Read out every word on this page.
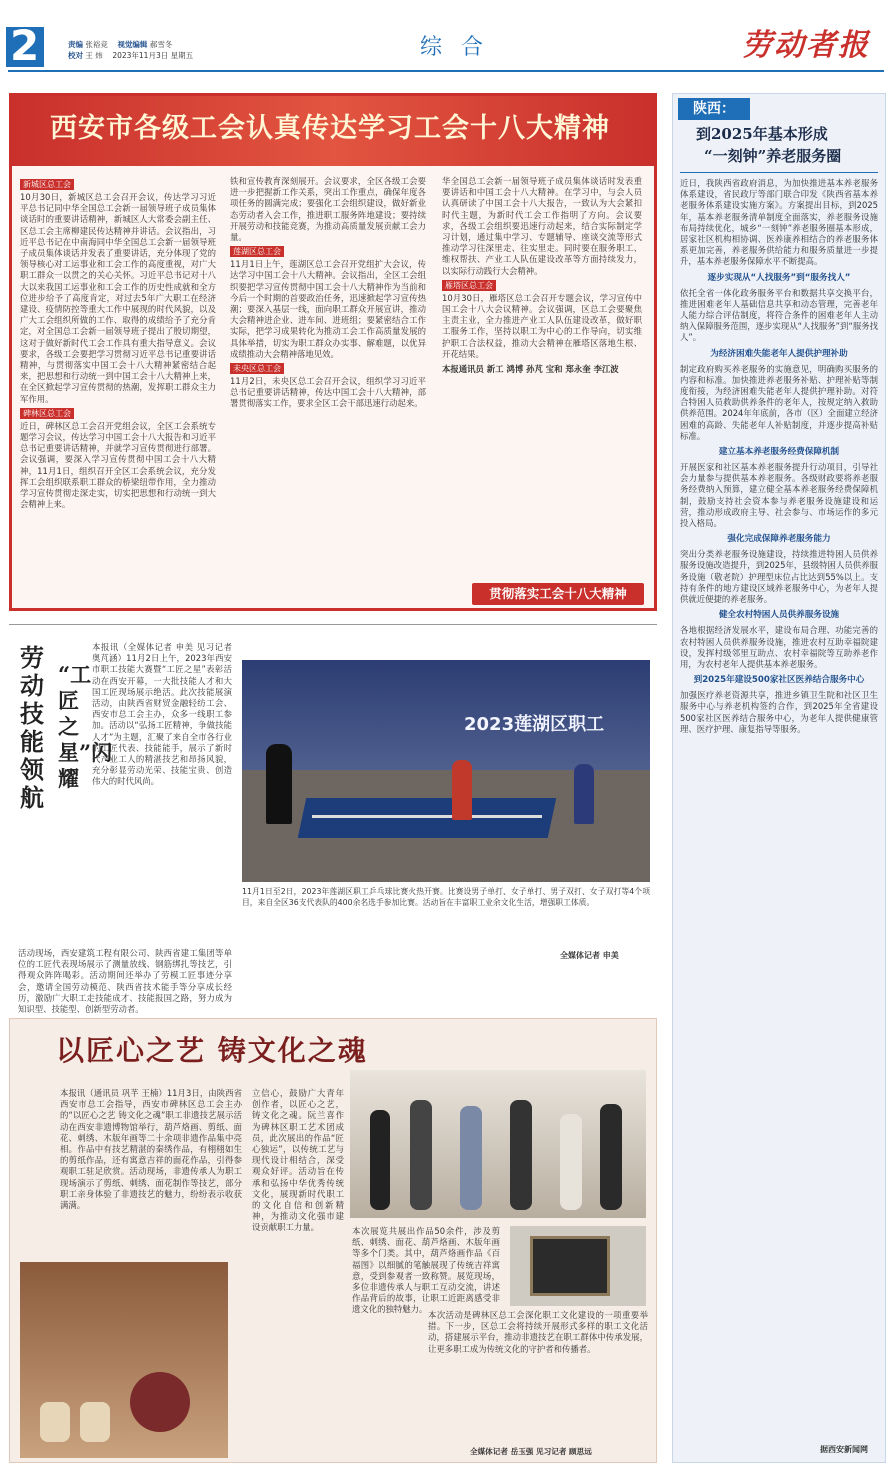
2	责编 张裕竞 视觉编辑 郝雪冬
校对 王 炜 2023年11月3日 星期五	综 合	劳动者报
西安市各级工会认真传达学习工会十八大精神
新城区总工会
10月30日，新城区总工会召开会议，传达学习习近平总书记同中华全国总工会新一届领导班子成员集体谈话时的重要讲话精神，新城区人大常委会副主任、区总工会主席柳建民传达精神并讲话。会议指出，习近平总书记在中南海同中华全国总工会新一届领导班子成员集体谈话并发表了重要讲话，充分体现了党的领导核心对工运事业和工会工作的高度重视，对广大职工群众一以贯之的关心关怀。习近平总书记对十八大以来我国工运事业和工会工作的历史性成就和全方位进步给予了高度肯定，对过去5年广大职工在经济建设、疫情防控等重大工作中展现的时代风貌，以及广大工会组织所做的工作、取得的成绩给予了充分肯定，对全国总工会新一届领导班子提出了殷切期望，这对于做好新时代工会工作具有重大指导意义。会议要求，各级工会要把学习贯彻习近平总书记重要讲话精神，与贯彻落实中国工会十八大精神紧密结合起来，把思想和行动统一到中国工会十八大精神上来，在全区掀起学习宣传贯彻的热潮，发挥职工群众主力军作用。
碑林区总工会
近日，碑林区总工会召开党组会议，全区工会系统专题学习会议，传达学习中国工会十八大报告和习近平总书记重要讲话精神，并就学习宣传贯彻进行部署。会议强调，要深入学习宣传贯彻中国工会十八大精神，11月1日，组织召开全区工会系统会议，充分发挥工会组织联系职工群众的桥梁纽带作用，全力推动学习宣传贯彻走深走实，切实把思想和行动统一到大会精神上来。
铁和宣传教育深刻展开。会议要求，全区各级工会要进一步把握新工作关系，突出工作重点，确保年度各项任务的圆满完成；要强化工会组织建设，做好新业态劳动者入会工作，推进职工服务阵地建设；要持续开展劳动和技能竞赛，为推动高质量发展贡献工会力量。
莲湖区总工会
11月1日上午，莲湖区总工会召开党组扩大会议，传达学习中国工会十八大精神。会议指出，全区工会组织要把学习宣传贯彻中国工会十八大精神作为当前和今后一个时期的首要政治任务，迅速掀起学习宣传热潮；要深入基层一线，面向职工群众开展宣讲，推动大会精神进企业、进车间、进班组；要紧密结合工作实际，把学习成果转化为推动工会工作高质量发展的具体举措，切实为职工群众办实事、解难题，以优异成绩推动大会精神落地见效。
未央区总工会
11月2日，未央区总工会召开会议，组织学习习近平总书记重要讲话精神，传达中国工会十八大精神，部署贯彻落实工作，要求全区工会干部迅速行动起来。
华全国总工会新一届领导班子成员集体谈话时发表重要讲话和中国工会十八大精神。在学习中，与会人员认真研读了中国工会十八大报告，一致认为大会紧扣时代主题，为新时代工会工作指明了方向。会议要求，各级工会组织要迅速行动起来，结合实际制定学习计划，通过集中学习、专题辅导、座谈交流等形式推动学习往深里走、往实里走。同时要在服务职工、维权帮扶、产业工人队伍建设改革等方面持续发力，以实际行动践行大会精神。
雁塔区总工会
10月30日，雁塔区总工会召开专题会议，学习宣传中国工会十八大会议精神。会议强调，区总工会要聚焦主责主业，全力推进产业工人队伍建设改革，做好职工服务工作，坚持以职工为中心的工作导向，切实维护职工合法权益，推动大会精神在雁塔区落地生根、开花结果。
本报通讯员 新工 鸿博 孙芃 宝和 郑永奎 李江波
贯彻落实工会十八大精神
劳动技能领航
“工匠之星”闪耀
本报讯（全媒体记者 申美 见习记者 奥芃涵）11月2日上午，2023年西安市职工技能大赛暨“工匠之星”表彰活动在西安开幕，一大批技能人才和大国工匠现场展示绝活。此次技能展演活动，由陕西省财贸金融轻纺工会、西安市总工会主办，众多一线职工参加。活动以“弘扬工匠精神，争做技能人才”为主题，汇聚了来自全市各行业的工匠代表、技能能手，展示了新时代产业工人的精湛技艺和昂扬风貌，充分彰显劳动光荣、技能宝贵、创造伟大的时代风尚。
活动现场，西安建筑工程有限公司、陕西省建工集团等单位的工匠代表现场展示了测量放线、钢筋绑扎等技艺，引得观众阵阵喝彩。活动期间还举办了劳模工匠事迹分享会，邀请全国劳动模范、陕西省技术能手等分享成长经历，激励广大职工走技能成才、技能报国之路，努力成为知识型、技能型、创新型劳动者。
2023莲湖区职工
11月1日至2日，2023年莲湖区职工乒乓球比赛火热开赛。比赛设男子单打、女子单打、男子双打、女子双打等4个项目，来自全区36支代表队的400余名选手参加比赛。活动旨在丰富职工业余文化生活，增强职工体质。
全媒体记者 申美
以匠心之艺 铸文化之魂
本报讯（通讯员 巩芊 王楠）11月3日，由陕西省西安市总工会指导，西安市碑林区总工会主办的“以匠心之艺 铸文化之魂”职工非遗技艺展示活动在西安非遗博物馆举行，葫芦烙画、剪纸、面花、刺绣、木版年画等二十余项非遗作品集中亮相。作品中有技艺精湛的秦绣作品，有栩栩如生的剪纸作品，还有寓意吉祥的面花作品，引得参观职工驻足欣赏。活动现场，非遗传承人为职工现场演示了剪纸、刺绣、面花制作等技艺，部分职工亲身体验了非遗技艺的魅力，纷纷表示收获满满。
立信心，鼓励广大青年创作者，以匠心之艺，铸文化之魂。阮兰喜作为碑林区职工艺术团成员，此次展出的作品“匠心独运”，以传统工艺与现代设计相结合，深受观众好评。活动旨在传承和弘扬中华优秀传统文化，展现新时代职工的文化自信和创新精神，为推动文化强市建设贡献职工力量。	本次展览共展出作品50余件，涉及剪纸、刺绣、面花、葫芦烙画、木版年画等多个门类。其中，葫芦烙画作品《百福图》以细腻的笔触展现了传统吉祥寓意，受到参观者一致称赞。展览现场，多位非遗传承人与职工互动交流，讲述作品背后的故事，让职工近距离感受非遗文化的独特魅力。
本次活动是碑林区总工会深化职工文化建设的一项重要举措。下一步，区总工会将持续开展形式多样的职工文化活动，搭建展示平台，推动非遗技艺在职工群体中传承发展，让更多职工成为传统文化的守护者和传播者。
全媒体记者 岳玉强 见习记者 顾思远
陕西：
到2025年基本形成
“一刻钟”养老服务圈
近日，我陕西省政府消息，为加快推进基本养老服务体系建设，省民政厅等部门联合印发《陕西省基本养老服务体系建设实施方案》。方案提出目标，到2025年，基本养老服务清单制度全面落实，养老服务设施布局持续优化，城乡“一刻钟”养老服务圈基本形成，居家社区机构相协调、医养康养相结合的养老服务体系更加完善，养老服务供给能力和服务质量进一步提升，基本养老服务保障水平不断提高。
逐步实现从“人找服务”到“服务找人”
依托全省一体化政务服务平台和数据共享交换平台，推进困难老年人基础信息共享和动态管理，完善老年人能力综合评估制度，将符合条件的困难老年人主动纳入保障服务范围，逐步实现从“人找服务”到“服务找人”。
为经济困难失能老年人提供护理补助
制定政府购买养老服务的实施意见，明确购买服务的内容和标准。加快推进养老服务补贴、护理补贴等制度衔接，为经济困难失能老年人提供护理补助。对符合特困人员救助供养条件的老年人，按规定纳入救助供养范围。2024年年底前，各市（区）全面建立经济困难的高龄、失能老年人补贴制度，并逐步提高补贴标准。
建立基本养老服务经费保障机制
开展医家和社区基本养老服务提升行动项目，引导社会力量参与提供基本养老服务。各级财政要将养老服务经费纳入预算，建立健全基本养老服务经费保障机制，鼓励支持社会资本参与养老服务设施建设和运营，推动形成政府主导、社会参与、市场运作的多元投入格局。
强化完成保障养老服务能力
突出分类养老服务设施建设，持续推进特困人员供养服务设施改造提升，到2025年，县级特困人员供养服务设施（敬老院）护理型床位占比达到55%以上。支持有条件的地方建设区域养老服务中心，为老年人提供就近便捷的养老服务。
健全农村特困人员供养服务设施
各地根据经济发展水平，建设布局合理、功能完善的农村特困人员供养服务设施，推进农村互助幸福院建设，发挥村级邻里互助点、农村幸福院等互助养老作用，为农村老年人提供基本养老服务。
到2025年建设500家社区医养结合服务中心
加强医疗养老资源共享，推进乡镇卫生院和社区卫生服务中心与养老机构签约合作，到2025年全省建设500家社区医养结合服务中心，为老年人提供健康管理、医疗护理、康复指导等服务。
据西安新闻网
